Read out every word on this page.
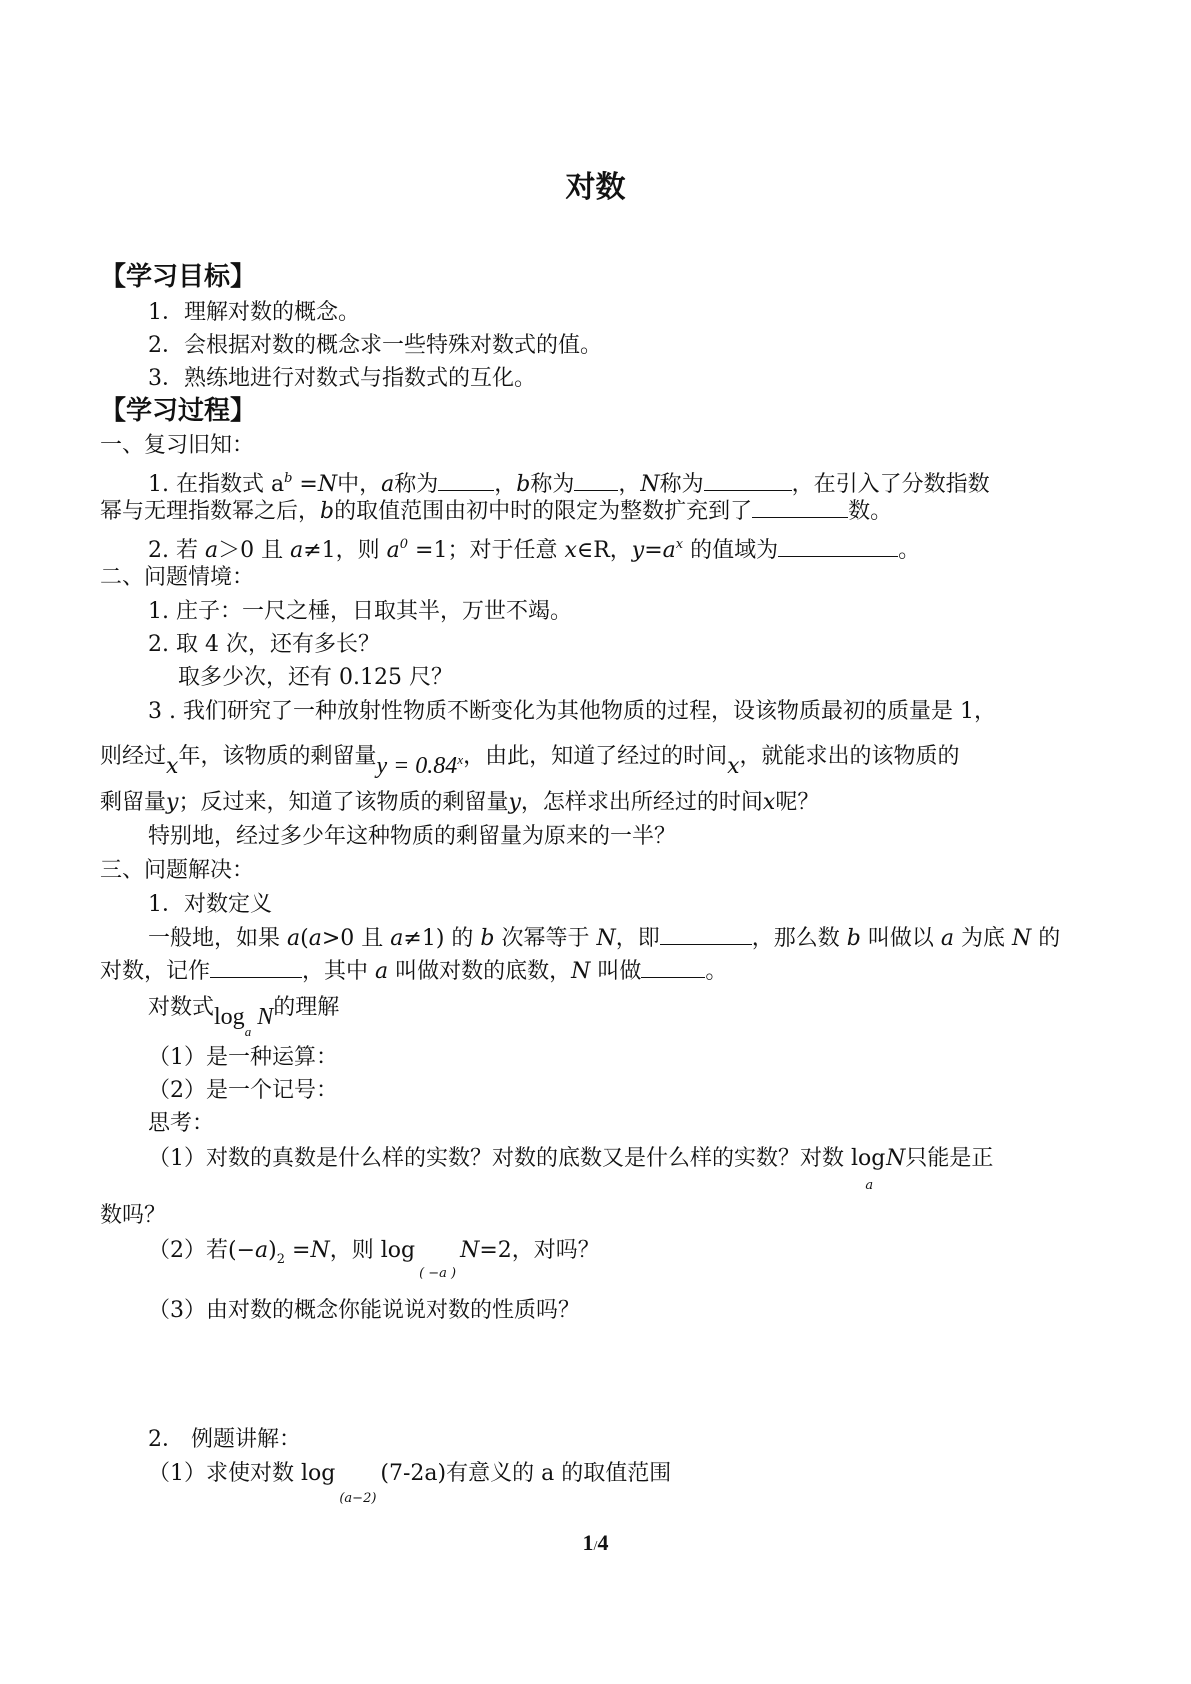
对数
【学习目标】
1．理解对数的概念。
2．会根据对数的概念求一些特殊对数式的值。
3．熟练地进行对数式与指数式的互化。
【学习过程】
一、复习旧知：
1. 在指数式 $a^b =N$中，a称为	，b称为 ，N称为	，在引入了分数指数
幂与无理指数幂之后，b的取值范围由初中时的限定为整数扩充到了	数。
2. 若 a＞0 且 a≠1，则 $a^0 =1$；对于任意 x∈R，$y=a^x$ 的值域为	。
二、问题情境：
1. 庄子：一尺之棰，日取其半，万世不竭。
2. 取 4 次，还有多长？
取多少次，还有 0.125 尺？
3 . 我们研究了一种放射性物质不断变化为其他物质的过程，设该物质最初的质量是 1，
则经过x年，该物质的剩留量$y = 0.84^x$，由此，知道了经过的时间x，就能求出的该物质的
剩留量y；反过来，知道了该物质的剩留量y，怎样求出所经过的时间x呢？
特别地，经过多少年这种物质的剩留量为原来的一半？
三、问题解决：
1．对数定义
一般地，如果 a(a>0 且 a≠1) 的 b 次幂等于 N，即	，那么数 b 叫做以 a 为底 N 的
对数，记作	，其中 a 叫做对数的底数，N 叫做	。
对数式$\log_a N$的理解
（1）是一种运算：
（2）是一个记号：
思考：
（1）对数的真数是什么样的实数？对数的底数又是什么样的实数？对数 $\log_a N$只能是正
数吗？
（2）若$(-a)_2 =N$，则 $\log_{( -a )}N=2$，对吗？
（3）由对数的概念你能说说对数的性质吗？
2． 例题讲解：
（1）求使对数 $\log_{(a-2)}(7-2a)$有意义的 a 的取值范围
1/4
